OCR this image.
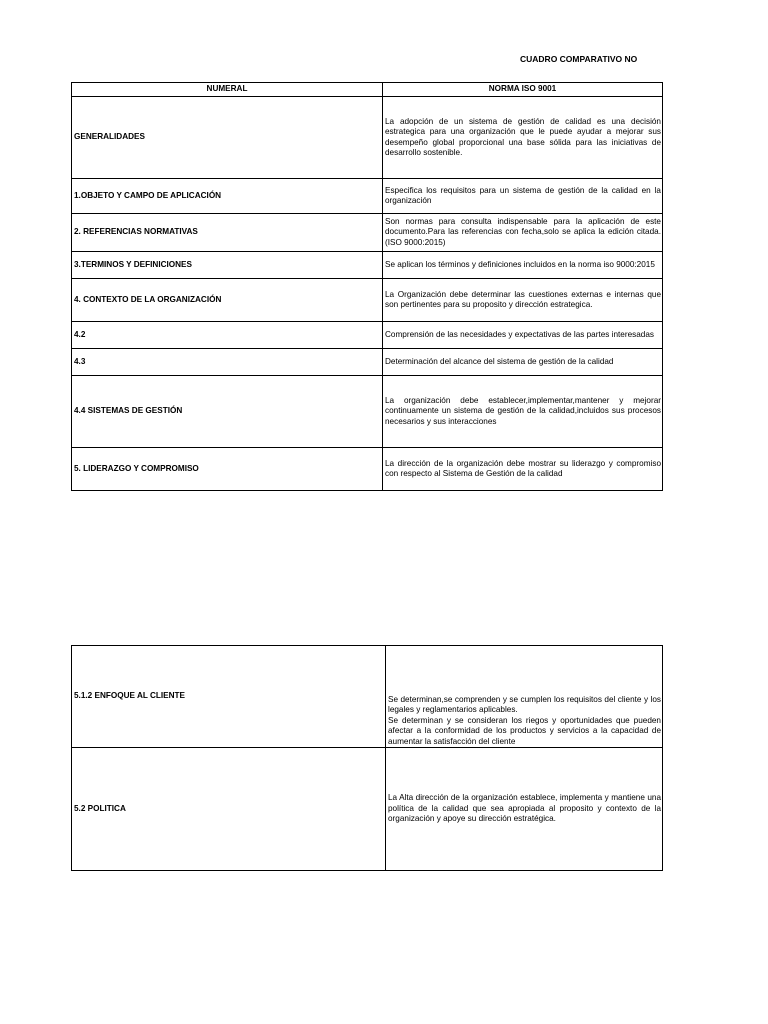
CUADRO COMPARATIVO NO
NUMERAL	NORMA ISO 9001
GENERALIDADES	La adopción de un sistema de gestión de calidad es una decisión estrategica para una organización que le puede ayudar a mejorar sus desempeño global proporcional una base sólida para las iniciativas de desarrollo sostenible.
1.OBJETO Y CAMPO DE APLICACIÓN	Especifica los requisitos para un sistema de gestión de la calidad en la organización
2. REFERENCIAS NORMATIVAS	Son normas para consulta indispensable para la aplicación de este documento.Para las referencias con fecha,solo se aplica la edición citada. (ISO 9000:2015)
3.TERMINOS Y DEFINICIONES	Se aplican los términos y definiciones incluidos en la norma iso 9000:2015
4. CONTEXTO DE LA ORGANIZACIÓN	La Organización debe determinar las cuestiones externas e internas que son pertinentes para su proposito y dirección estrategica.
4.2	Comprensión de las necesidades y expectativas de las partes interesadas
4.3	Determinación del alcance del sistema de gestión de la calidad
4.4 SISTEMAS DE GESTIÓN	La organización debe establecer,implementar,mantener y mejorar continuamente un sistema de gestión de la calidad,incluidos sus procesos necesarios y sus interacciones
5. LIDERAZGO Y COMPROMISO	La dirección de la organización debe mostrar su liderazgo y compromiso con respecto al Sistema de Gestión de la calidad
5.1.2 ENFOQUE AL CLIENTE	Se determinan,se comprenden y se cumplen los requisitos del cliente y los legales y reglamentarios aplicables.
Se determinan y se consideran los riegos y oportunidades que pueden afectar a la conformidad de los productos y servicios a la capacidad de aumentar la satisfacción del cliente

5.2 POLITICA	La Alta dirección de la organización establece, implementa y mantiene una política de la calidad que sea apropiada al proposito y contexto de la organización y apoye su dirección estratégica.
